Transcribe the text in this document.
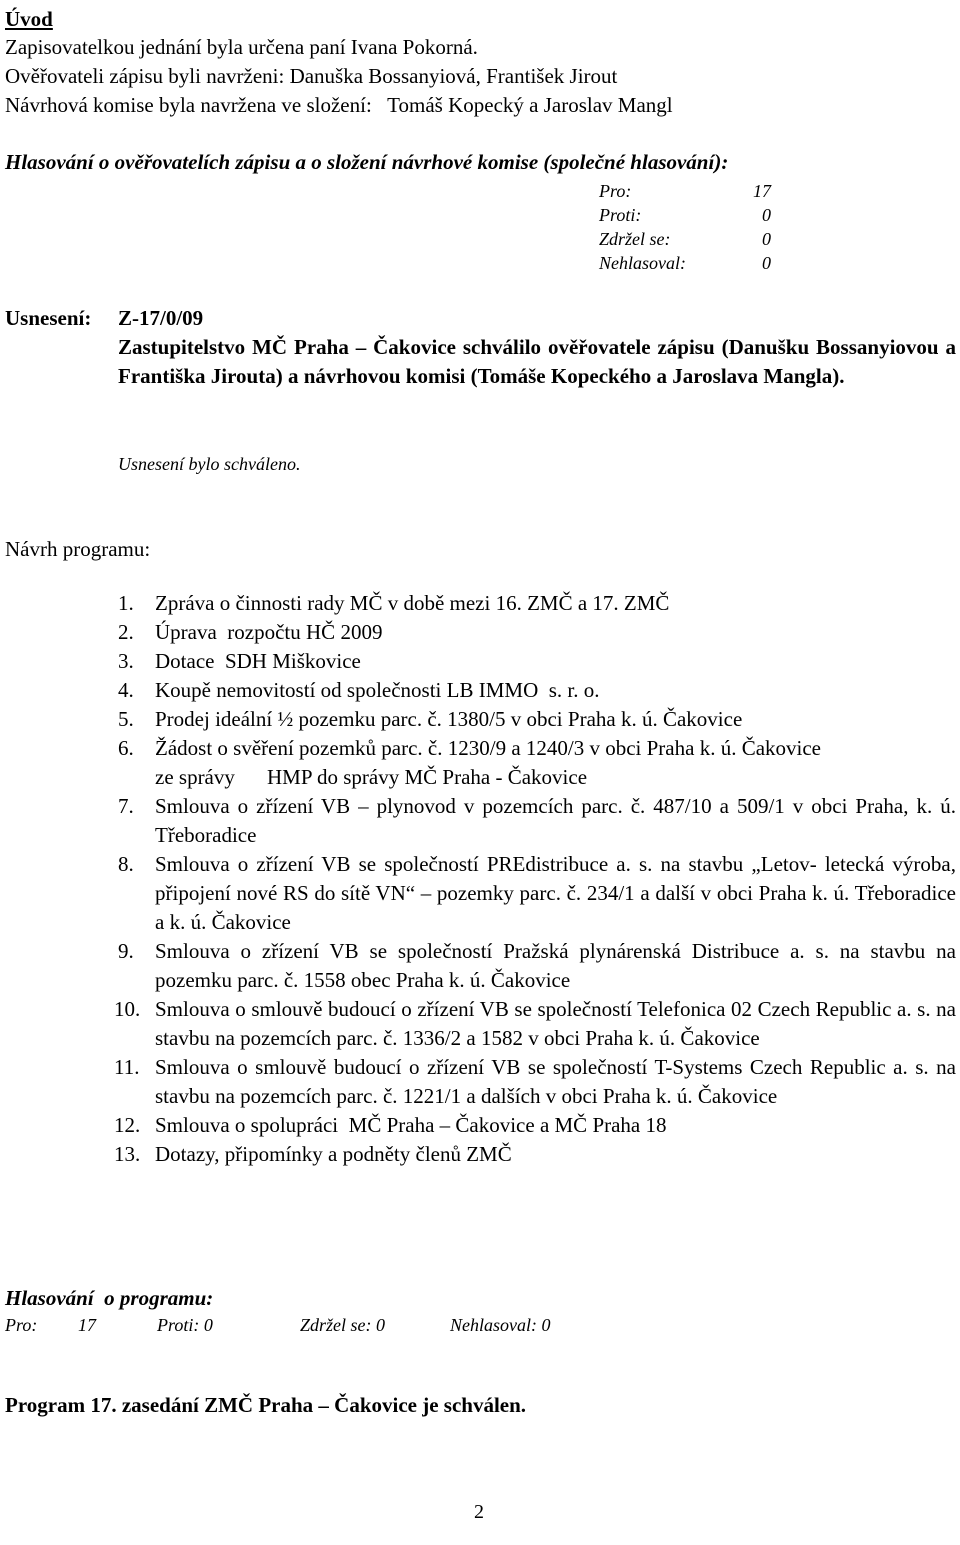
Úvod
Zapisovatelkou jednání byla určena paní Ivana Pokorná.
Ověřovateli zápisu byli navrženi: Danuška Bossanyiová, František Jirout
Návrhová komise byla navržena ve složení:   Tomáš Kopecký a Jaroslav Mangl
Hlasování o ověřovatelích zápisu a o složení návrhové komise (společné hlasování):
Pro:	17
Proti:	0
Zdržel se:	0
Nehlasoval:	0
Usnesení: Z-17/0/09
Zastupitelstvo MČ Praha – Čakovice schválilo ověřovatele zápisu (Danušku Bossanyiovou a Františka Jirouta) a návrhovou komisi (Tomáše Kopeckého a Jaroslava Mangla).
Usnesení bylo schváleno.
Návrh programu:
1. Zpráva o činnosti rady MČ v době mezi 16. ZMČ a 17. ZMČ
2. Úprava  rozpočtu HČ 2009
3. Dotace  SDH Miškovice
4. Koupě nemovitostí od společnosti LB IMMO  s. r. o.
5. Prodej ideální ½ pozemku parc. č. 1380/5 v obci Praha k. ú. Čakovice
6. Žádost o svěření pozemků parc. č. 1230/9 a 1240/3 v obci Praha k. ú. Čakovice
ze správy HMP do správy MČ Praha - Čakovice
7. Smlouva o zřízení VB – plynovod v pozemcích parc. č. 487/10 a 509/1 v obci Praha, k. ú. Třeboradice
8. Smlouva o zřízení VB se společností PREdistribuce a. s. na stavbu „Letov- letecká výroba, připojení nové RS do sítě VN“ – pozemky parc. č. 234/1 a další v obci Praha k. ú. Třeboradice a k. ú. Čakovice
9. Smlouva o zřízení VB se společností Pražská plynárenská Distribuce a. s. na stavbu na pozemku parc. č. 1558 obec Praha k. ú. Čakovice
10. Smlouva o smlouvě budoucí o zřízení VB se společností Telefonica 02 Czech Republic a. s. na stavbu na pozemcích parc. č. 1336/2 a 1582 v obci Praha k. ú. Čakovice
11. Smlouva o smlouvě budoucí o zřízení VB se společností T-Systems Czech Republic a. s. na stavbu na pozemcích parc. č. 1221/1 a dalších v obci Praha k. ú. Čakovice
12. Smlouva o spolupráci  MČ Praha – Čakovice a MČ Praha 18
13. Dotazy, připomínky a podněty členů ZMČ
Hlasování  o programu:
Pro: 17	Proti: 0	Zdržel se: 0	Nehlasoval: 0
Program 17. zasedání ZMČ Praha – Čakovice je schválen.
2
